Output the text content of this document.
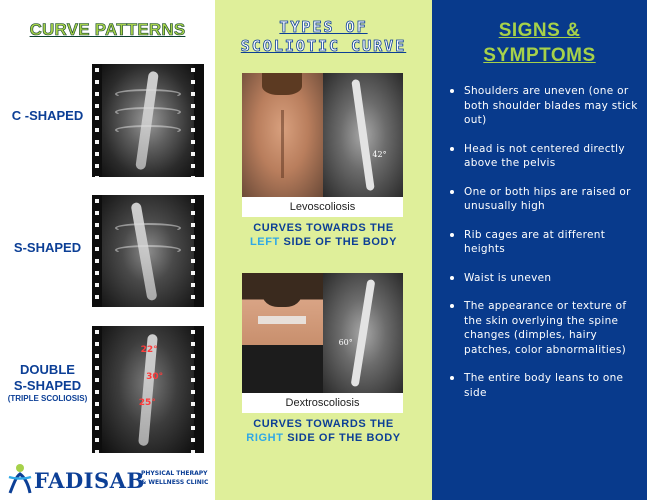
CURVE PATTERNS
C -SHAPED
S-SHAPED
DOUBLE
S-SHAPED
(TRIPLE SCOLIOSIS)
22°
30°
25°
FADISAB
PHYSICAL THERAPY
& WELLNESS CLINIC
TYPES OF
SCOLIOTIC CURVE
42°
Levoscoliosis
CURVES TOWARDS THE
LEFT SIDE OF THE BODY
60°
Dextroscoliosis
CURVES TOWARDS THE
RIGHT SIDE OF THE BODY
SIGNS &
SYMPTOMS
Shoulders are uneven (one or both shoulder blades may stick out)
Head is not centered directly above the pelvis
One or both hips are raised or unusually high
Rib cages are at different heights
Waist is uneven
The appearance or texture of the skin overlying the spine changes (dimples, hairy patches, color abnormalities)
The entire body leans to one side
